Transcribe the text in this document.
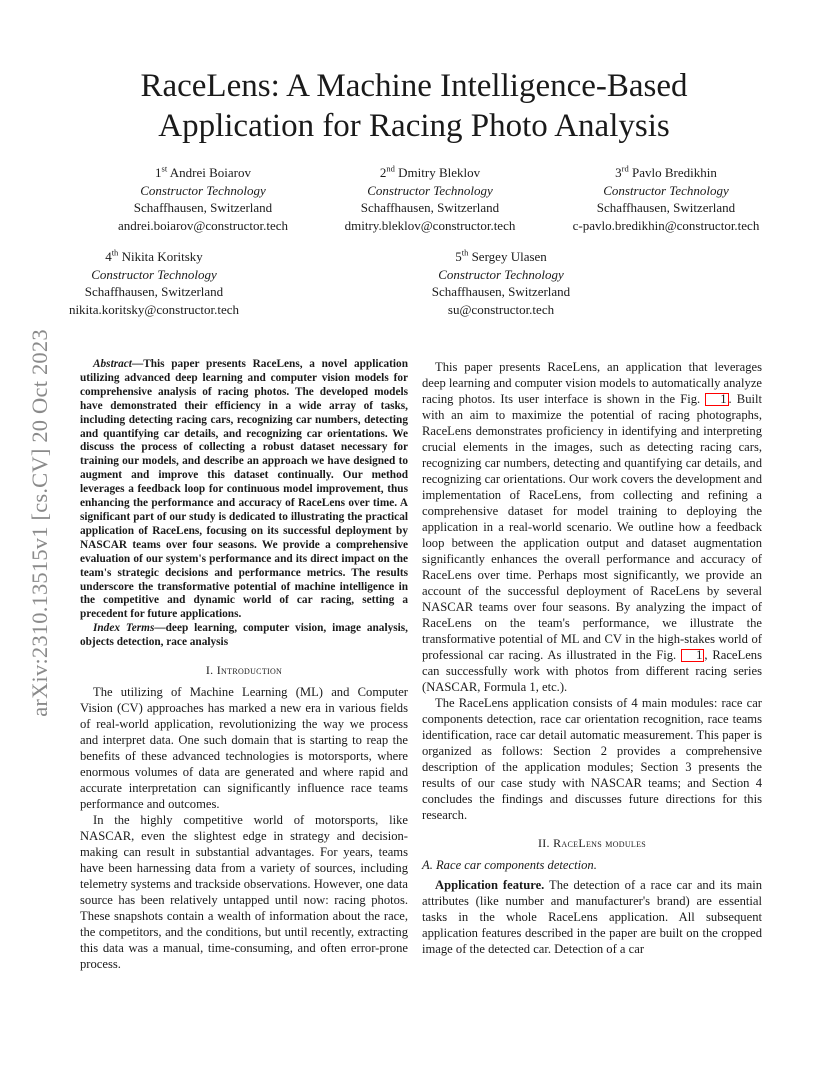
arXiv:2310.13515v1 [cs.CV] 20 Oct 2023
RaceLens: A Machine Intelligence-Based
Application for Racing Photo Analysis
1st Andrei Boiarov
Constructor Technology
Schaffhausen, Switzerland
andrei.boiarov@constructor.tech
2nd Dmitry Bleklov
Constructor Technology
Schaffhausen, Switzerland
dmitry.bleklov@constructor.tech
3rd Pavlo Bredikhin
Constructor Technology
Schaffhausen, Switzerland
c-pavlo.bredikhin@constructor.tech
4th Nikita Koritsky
Constructor Technology
Schaffhausen, Switzerland
nikita.koritsky@constructor.tech
5th Sergey Ulasen
Constructor Technology
Schaffhausen, Switzerland
su@constructor.tech

Abstract—This paper presents RaceLens, a novel application utilizing advanced deep learning and computer vision models for comprehensive analysis of racing photos. The developed models have demonstrated their efficiency in a wide array of tasks, including detecting racing cars, recognizing car numbers, detecting and quantifying car details, and recognizing car orientations. We discuss the process of collecting a robust dataset necessary for training our models, and describe an approach we have designed to augment and improve this dataset continually. Our method leverages a feedback loop for continuous model improvement, thus enhancing the performance and accuracy of RaceLens over time. A significant part of our study is dedicated to illustrating the practical application of RaceLens, focusing on its successful deployment by NASCAR teams over four seasons. We provide a comprehensive evaluation of our system's performance and its direct impact on the team's strategic decisions and performance metrics. The results underscore the transformative potential of machine intelligence in the competitive and dynamic world of car racing, setting a precedent for future applications.

Index Terms—deep learning, computer vision, image analysis, objects detection, race analysis

I. Introduction

The utilizing of Machine Learning (ML) and Computer Vision (CV) approaches has marked a new era in various fields of real-world application, revolutionizing the way we process and interpret data. One such domain that is starting to reap the benefits of these advanced technologies is motorsports, where enormous volumes of data are generated and where rapid and accurate interpretation can significantly influence race teams performance and outcomes.

In the highly competitive world of motorsports, like NASCAR, even the slightest edge in strategy and decision-making can result in substantial advantages. For years, teams have been harnessing data from a variety of sources, including telemetry systems and trackside observations. However, one data source has been relatively untapped until now: racing photos. These snapshots contain a wealth of information about the race, the competitors, and the conditions, but until recently, extracting this data was a manual, time-consuming, and often error-prone process.

This paper presents RaceLens, an application that leverages deep learning and computer vision models to automatically analyze racing photos. Its user interface is shown in the Fig. 1 . Built with an aim to maximize the potential of racing photographs, RaceLens demonstrates proficiency in identifying and interpreting crucial elements in the images, such as detecting racing cars, recognizing car numbers, detecting and quantifying car details, and recognizing car orientations. Our work covers the development and implementation of RaceLens, from collecting and refining a comprehensive dataset for model training to deploying the application in a real-world scenario. We outline how a feedback loop between the application output and dataset augmentation significantly enhances the overall performance and accuracy of RaceLens over time. Perhaps most significantly, we provide an account of the successful deployment of RaceLens by several NASCAR teams over four seasons. By analyzing the impact of RaceLens on the team's performance, we illustrate the transformative potential of ML and CV in the high-stakes world of professional car racing. As illustrated in the Fig. 1 , RaceLens can successfully work with photos from different racing series (NASCAR, Formula 1, etc.).

The RaceLens application consists of 4 main modules: race car components detection, race car orientation recognition, race teams identification, race car detail automatic measurement. This paper is organized as follows: Section 2 provides a comprehensive description of the application modules; Section 3 presents the results of our case study with NASCAR teams; and Section 4 concludes the findings and discusses future directions for this research.

II. RaceLens modules
A. Race car components detection.

Application feature. The detection of a race car and its main attributes (like number and manufacturer's brand) are essential tasks in the whole RaceLens application. All subsequent application features described in the paper are built on the cropped image of the detected car. Detection of a car
